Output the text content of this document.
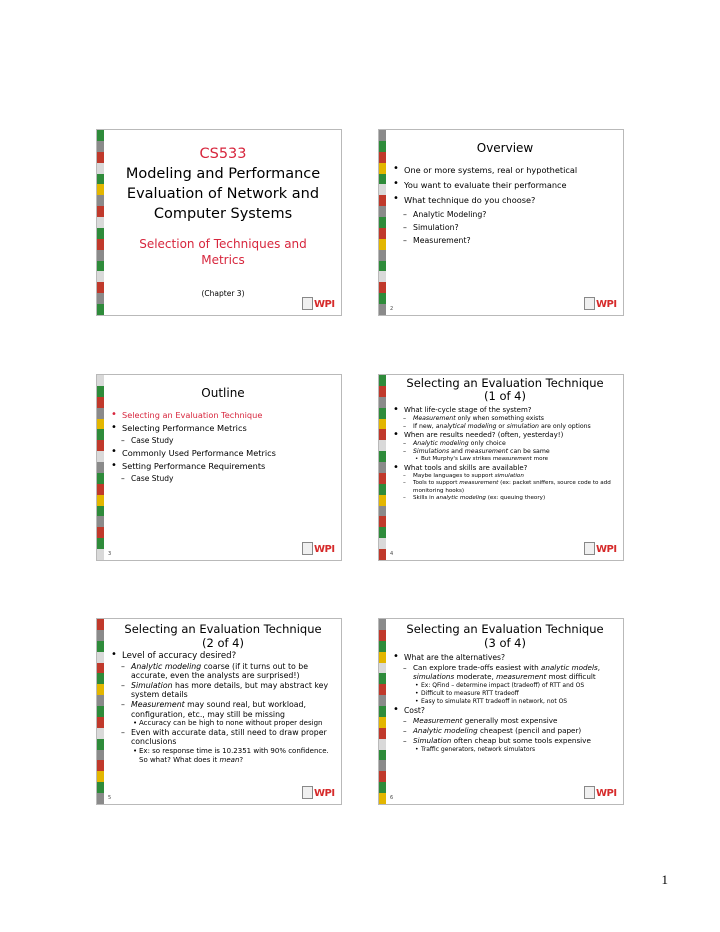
CS533
Modeling and Performance
Evaluation of Network and
Computer Systems
Selection of Techniques and
Metrics
(Chapter 3)
WPI
Overview
• One or more systems, real or hypothetical
• You want to evaluate their performance
• What technique do you choose?
– Analytic Modeling?
– Simulation?
– Measurement?
2	WPI
Outline
• Selecting an Evaluation Technique
• Selecting Performance Metrics
– Case Study
• Commonly Used Performance Metrics
• Setting Performance Requirements
– Case Study
3	WPI
Selecting an Evaluation Technique
(1 of 4)
• What life-cycle stage of the system?
– Measurement only when something exists
– If new, analytical modeling or simulation are only options
• When are results needed? (often, yesterday!)
– Analytic modeling only choice
– Simulations and measurement can be same
• But Murphy's Law strikes measurement more
• What tools and skills are available?
– Maybe languages to support simulation
– Tools to support measurement (ex: packet sniffers, source code to add monitoring hooks)
– Skills in analytic modeling (ex: queuing theory)
4	WPI
Selecting an Evaluation Technique
(2 of 4)
• Level of accuracy desired?
– Analytic modeling coarse (if it turns out to be accurate, even the analysts are surprised!)
– Simulation has more details, but may abstract key system details
– Measurement may sound real, but workload, configuration, etc., may still be missing
• Accuracy can be high to none without proper design
– Even with accurate data, still need to draw proper conclusions
• Ex: so response time is 10.2351 with 90% confidence. So what? What does it mean?
5	WPI
Selecting an Evaluation Technique
(3 of 4)
• What are the alternatives?
– Can explore trade-offs easiest with analytic models, simulations moderate, measurement most difficult
• Ex: QFind – determine impact (tradeoff) of RTT and OS
• Difficult to measure RTT tradeoff
• Easy to simulate RTT tradeoff in network, not OS
• Cost?
– Measurement generally most expensive
– Analytic modeling cheapest (pencil and paper)
– Simulation often cheap but some tools expensive
• Traffic generators, network simulators
6	WPI
1
